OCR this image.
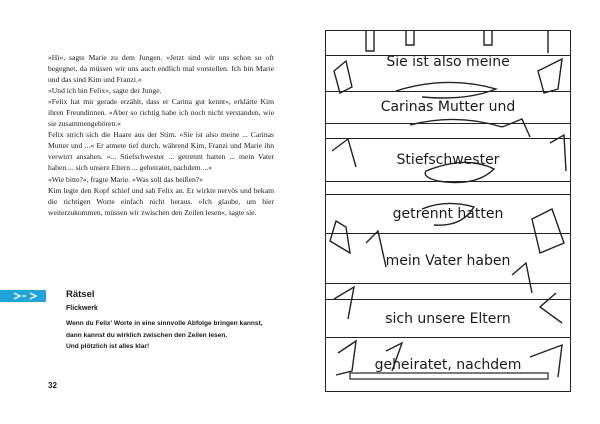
»Hi«, sagte Marie zu dem Jungen. »Jetzt sind wir uns schon so oft begegnet, da müssen wir uns auch endlich mal vorstellen. Ich bin Marie und das sind Kim und Franzi.«

»Und ich bin Felix«, sagte der Junge.

»Felix hat mir gerade erzählt, dass er Carina gut kennt«, erklärte Kim ihren Freundinnen. »Aber so richtig habe ich noch nicht verstanden, wie sie zusammengehören.«

Felix strich sich die Haare aus der Stirn. »Sie ist also meine ... Carinas Mutter und ...« Er atmete tief durch, während Kim, Franzi und Marie ihn verwirrt ansahen. »... Stiefschwester ... getrennt hatten ... mein Vater haben ... sich unsere Eltern ... geheiratet, nachdem ...«

»Wie bitte?«, fragte Marie. »Was soll das heißen?«

Kim legte den Kopf schief und sah Felix an. Er wirkte nervös und bekam die richtigen Worte einfach nicht heraus. »Ich glaube, um hier weiterzukommen, müssen wir zwischen den Zeilen lesen«, sagte sie.

Rätsel
Flickwerk

Wenn du Felix’ Worte in eine sinnvolle Abfolge bringen kannst,

dann kannst du wirklich zwischen den Zeilen lesen.

Und plötzlich ist alles klar!

32
Sie ist also meine
Carinas Mutter und
Stiefschwester
getrennt hatten
mein Vater haben
sich unsere Eltern
geheiratet, nachdem
